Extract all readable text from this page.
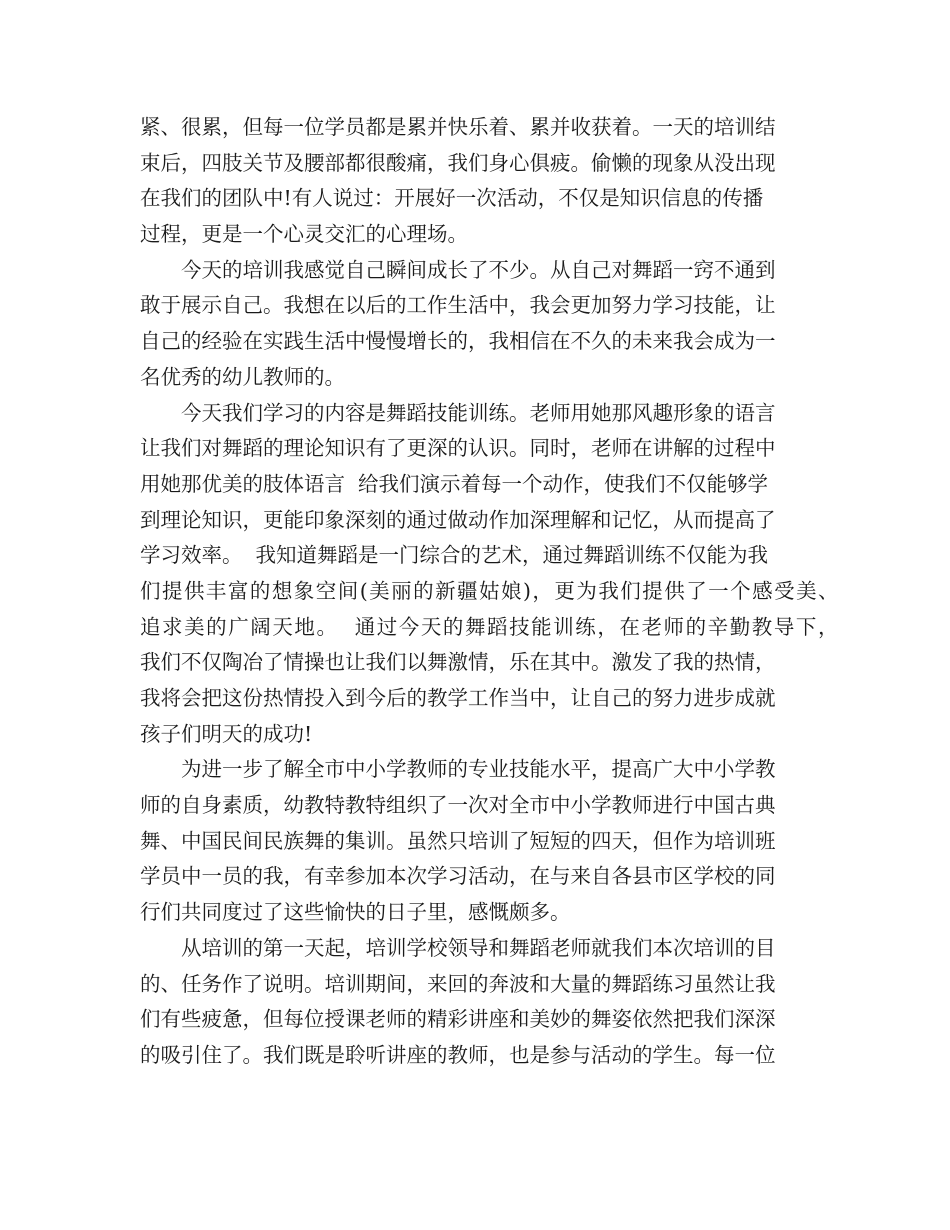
紧、很累，但每一位学员都是累并快乐着、累并收获着。一天的培训结
束后，四肢关节及腰部都很酸痛，我们身心俱疲。偷懒的现象从没出现
在我们的团队中!有人说过：开展好一次活动，不仅是知识信息的传播
过程，更是一个心灵交汇的心理场。
今天的培训我感觉自己瞬间成长了不少。从自己对舞蹈一窍不通到
敢于展示自己。我想在以后的工作生活中，我会更加努力学习技能，让
自己的经验在实践生活中慢慢增长的，我相信在不久的未来我会成为一
名优秀的幼儿教师的。
今天我们学习的内容是舞蹈技能训练。老师用她那风趣形象的语言
让我们对舞蹈的理论知识有了更深的认识。同时，老师在讲解的过程中
用她那优美的肢体语言  给我们演示着每一个动作，使我们不仅能够学
到理论知识，更能印象深刻的通过做动作加深理解和记忆，从而提高了
学习效率。  我知道舞蹈是一门综合的艺术，通过舞蹈训练不仅能为我
们提供丰富的想象空间(美丽的新疆姑娘)，更为我们提供了一个感受美、
追求美的广阔天地。  通过今天的舞蹈技能训练，在老师的辛勤教导下，
我们不仅陶冶了情操也让我们以舞激情，乐在其中。激发了我的热情，
我将会把这份热情投入到今后的教学工作当中，让自己的努力进步成就
孩子们明天的成功!
为进一步了解全市中小学教师的专业技能水平，提高广大中小学教
师的自身素质，幼教特教特组织了一次对全市中小学教师进行中国古典
舞、中国民间民族舞的集训。虽然只培训了短短的四天，但作为培训班
学员中一员的我，有幸参加本次学习活动，在与来自各县市区学校的同
行们共同度过了这些愉快的日子里，感慨颇多。
从培训的第一天起，培训学校领导和舞蹈老师就我们本次培训的目
的、任务作了说明。培训期间，来回的奔波和大量的舞蹈练习虽然让我
们有些疲惫，但每位授课老师的精彩讲座和美妙的舞姿依然把我们深深
的吸引住了。我们既是聆听讲座的教师，也是参与活动的学生。每一位
